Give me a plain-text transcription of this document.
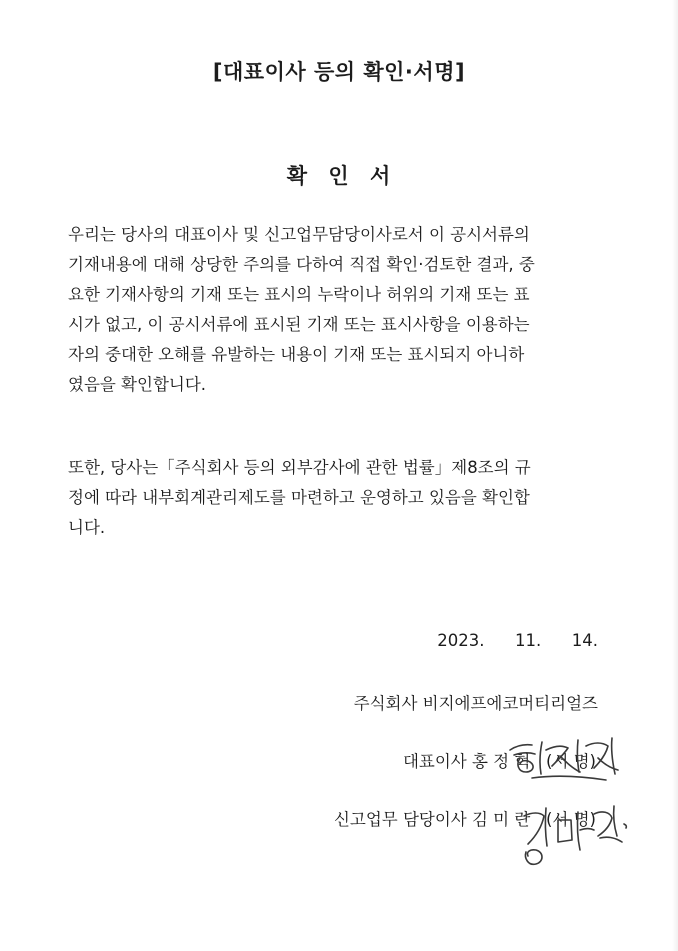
[대표이사 등의 확인·서명]
확 인 서

우리는 당사의 대표이사 및 신고업무담당이사로서 이 공시서류의
기재내용에 대해 상당한 주의를 다하여 직접 확인·검토한 결과, 중
요한 기재사항의 기재 또는 표시의 누락이나 허위의 기재 또는 표
시가 없고, 이 공시서류에 표시된 기재 또는 표시사항을 이용하는
자의 중대한 오해를 유발하는 내용이 기재 또는 표시되지 아니하
였음을 확인합니다.

또한, 당사는「주식회사 등의 외부감사에 관한 법률」제8조의 규
정에 따라 내부회계관리제도를 마련하고 운영하고 있음을 확인합
니다.

2023.  11.  14.
주식회사 비지에프에코머티리얼즈
대표이사 홍 정 혁   (서 명)
신고업무 담당이사 김 미 란   (서 명)
